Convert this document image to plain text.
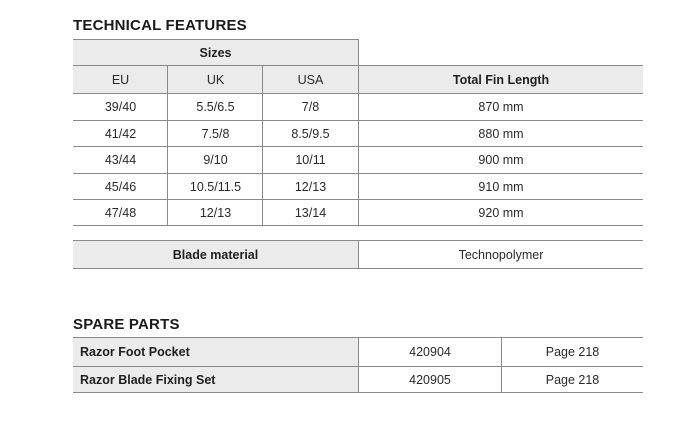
TECHNICAL FEATURES
Sizes
EU	UK	USA	Total Fin Length
39/40	5.5/6.5	7/8	870 mm
41/42	7.5/8	8.5/9.5	880 mm
43/44	9/10	10/11	900 mm
45/46	10.5/11.5	12/13	910 mm
47/48	12/13	13/14	920 mm
Blade material	Technopolymer
SPARE PARTS
Razor Foot Pocket	420904	Page 218
Razor Blade Fixing Set	420905	Page 218
